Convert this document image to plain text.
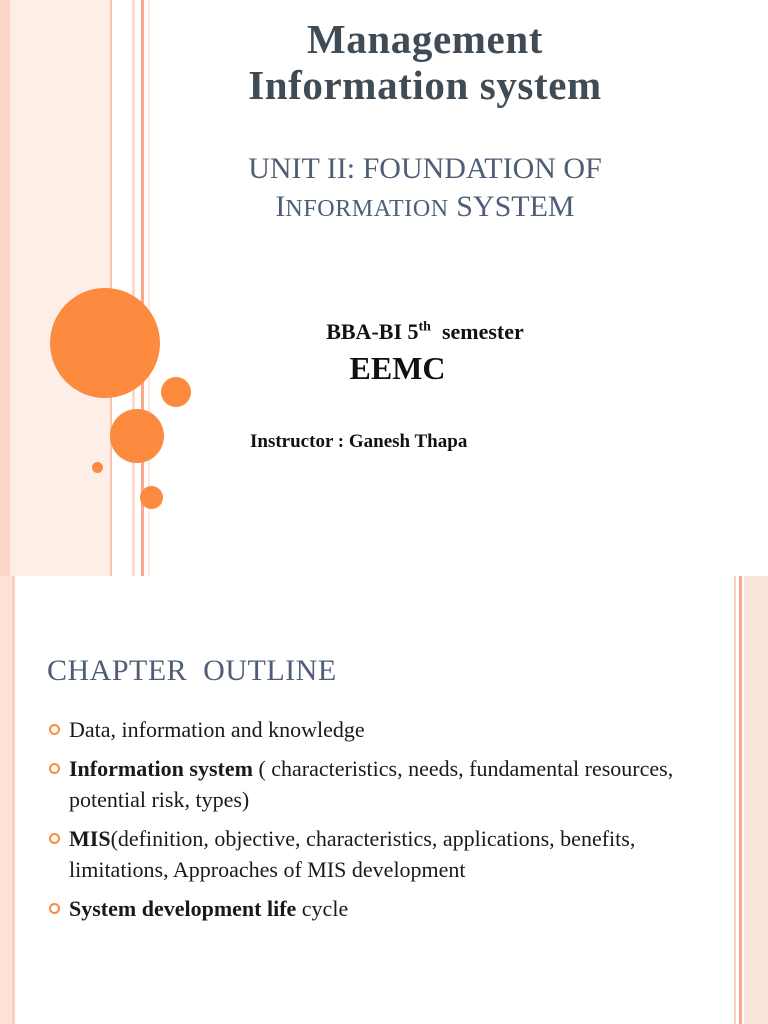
Management
Information system
UNIT II: FOUNDATION OF
INFORMATION SYSTEM
BBA-BI 5th  semester
EEMC
Instructor : Ganesh Thapa
CHAPTER  OUTLINE
Data, information and knowledge
Information system ( characteristics, needs, fundamental resources, potential risk, types)
MIS(definition, objective, characteristics, applications, benefits, limitations, Approaches of MIS development
System development life cycle
